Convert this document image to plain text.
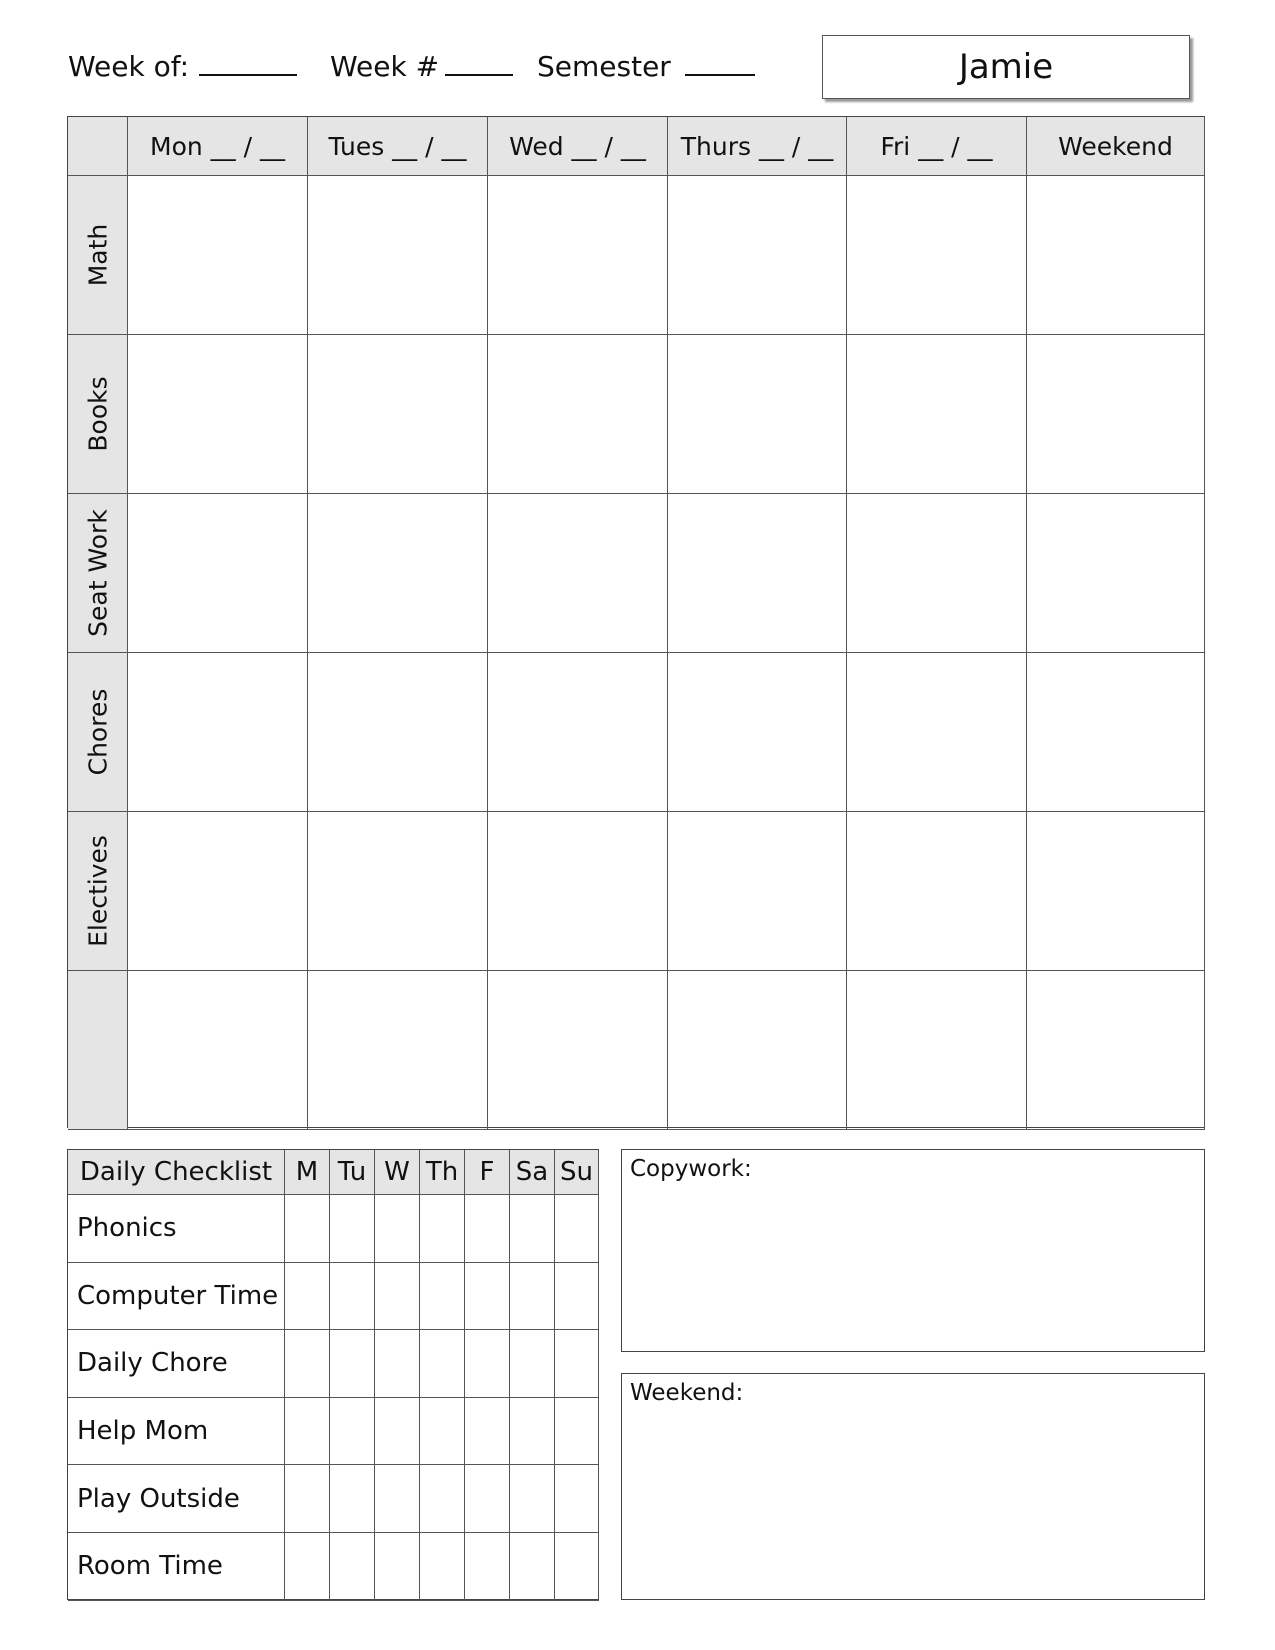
Week of:	Week #	Semester	Jamie
Mon __ / __	Tues __ / __	Wed __ / __	Thurs __ / __	Fri __ / __	Weekend
Math
Books
Seat Work
Chores
Electives
Daily Checklist M Tu W Th F Sa Su
Phonics
Computer Time
Daily Chore
Help Mom
Play Outside
Room Time
Copywork:
Weekend:
